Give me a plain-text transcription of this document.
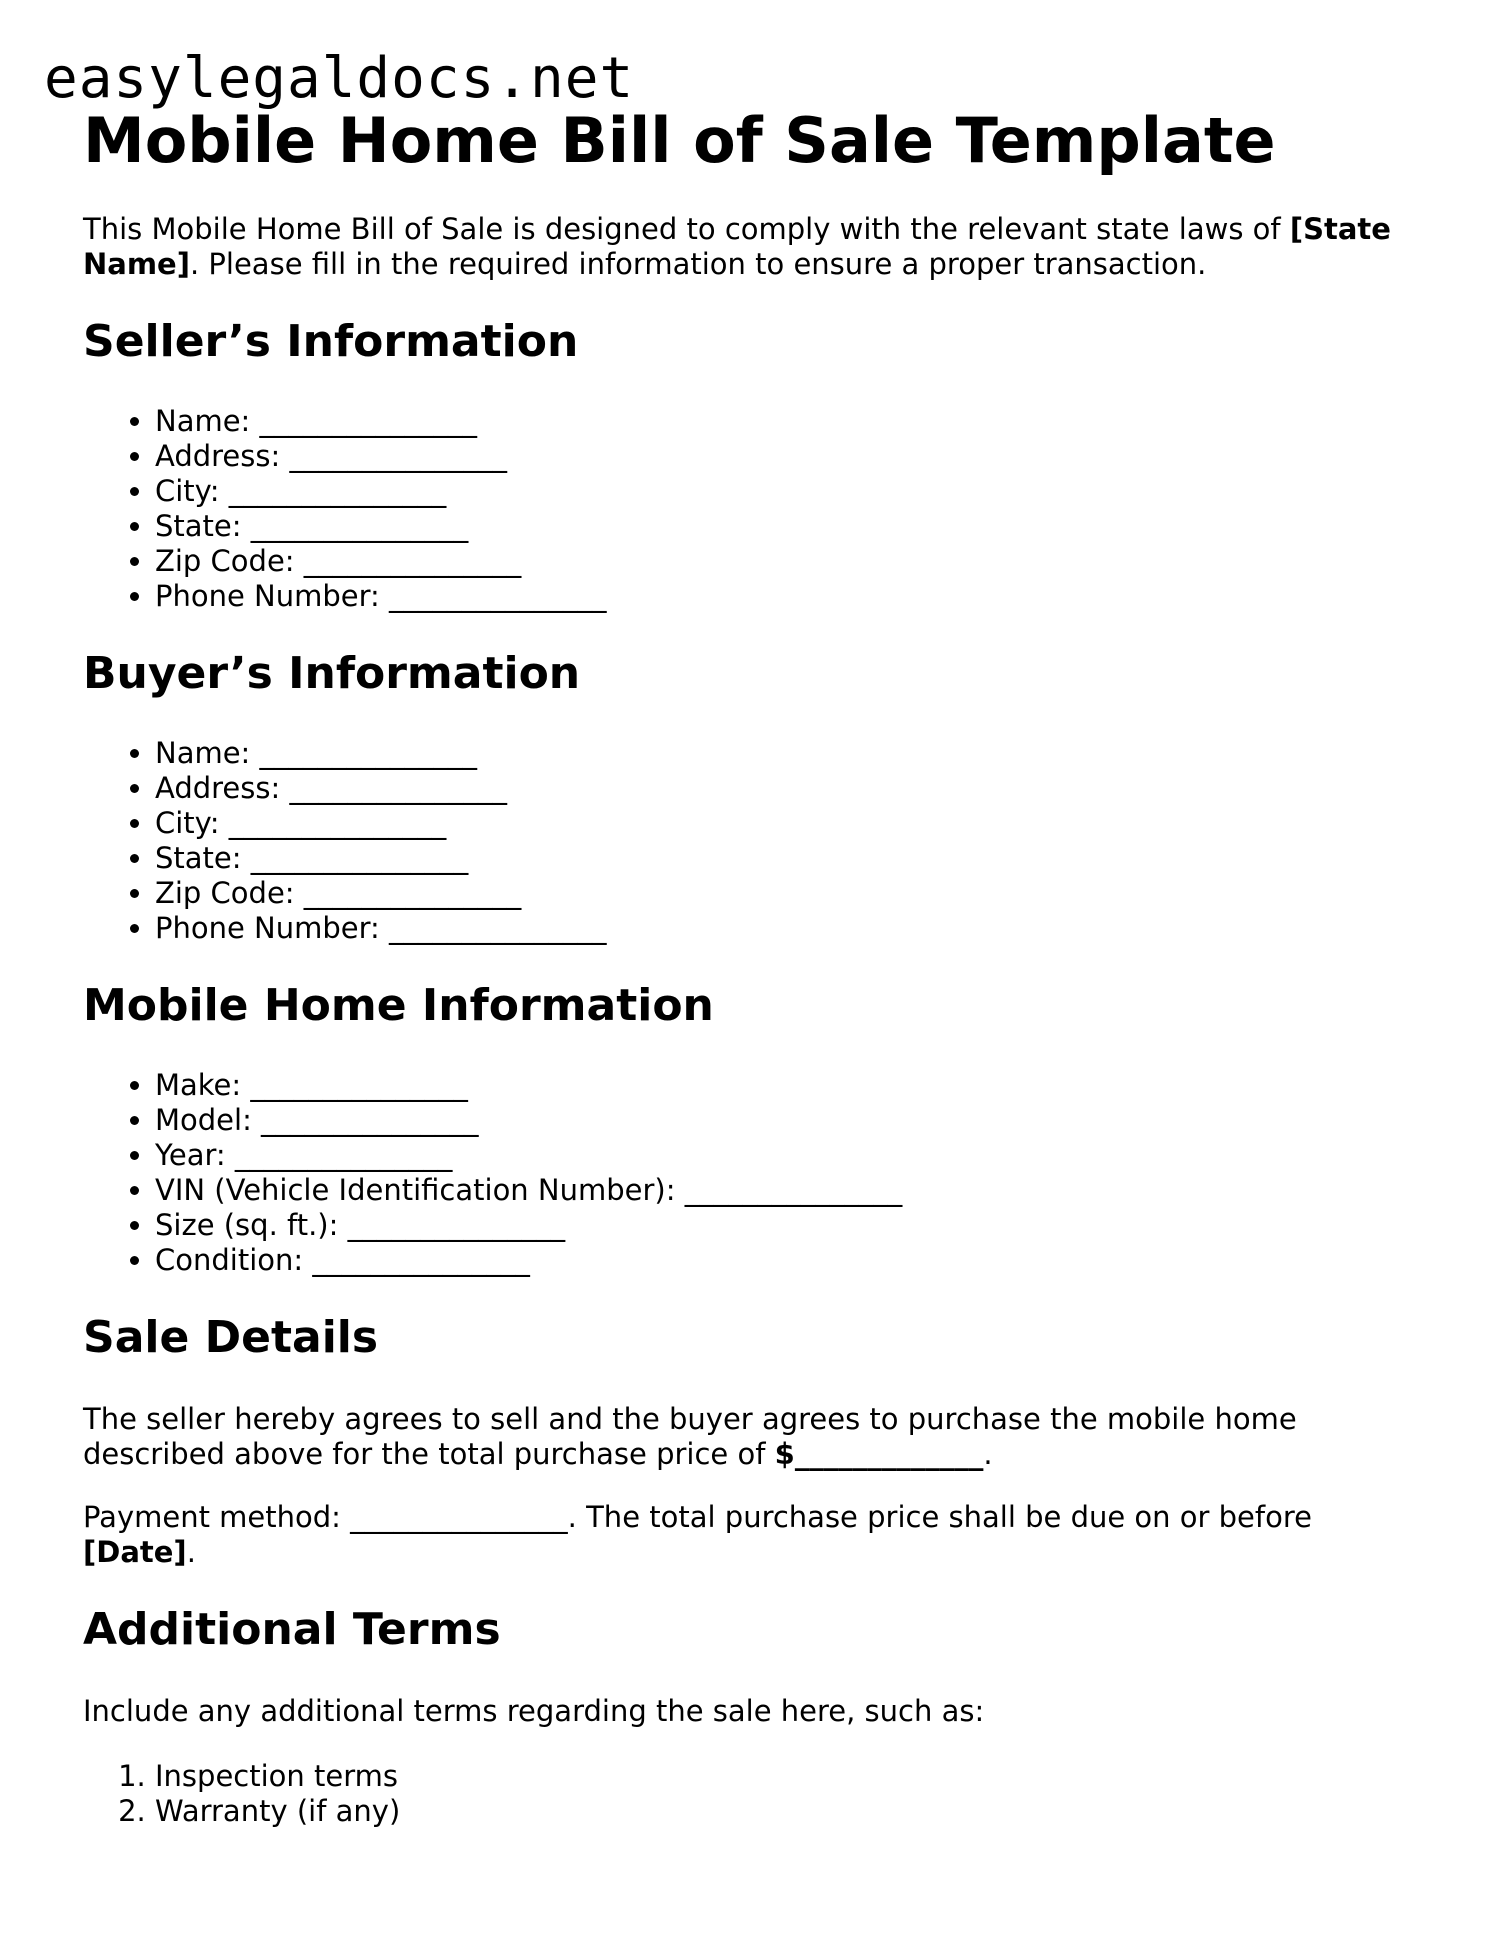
easylegaldocs.net
Mobile Home Bill of Sale Template

This Mobile Home Bill of Sale is designed to comply with the relevant state laws of [State Name]. Please fill in the required information to ensure a proper transaction.

Seller’s Information
• Name: _______________
• Address: _______________
• City: _______________
• State: _______________
• Zip Code: _______________
• Phone Number: _______________
Buyer’s Information
• Name: _______________
• Address: _______________
• City: _______________
• State: _______________
• Zip Code: _______________
• Phone Number: _______________
Mobile Home Information
• Make: _______________
• Model: _______________
• Year: _______________
• VIN (Vehicle Identification Number): _______________
• Size (sq. ft.): _______________
• Condition: _______________
Sale Details

The seller hereby agrees to sell and the buyer agrees to purchase the mobile home described above for the total purchase price of $_____________.

Payment method: _______________. The total purchase price shall be due on or before [Date].

Additional Terms

Include any additional terms regarding the sale here, such as:

1. Inspection terms
2. Warranty (if any)
